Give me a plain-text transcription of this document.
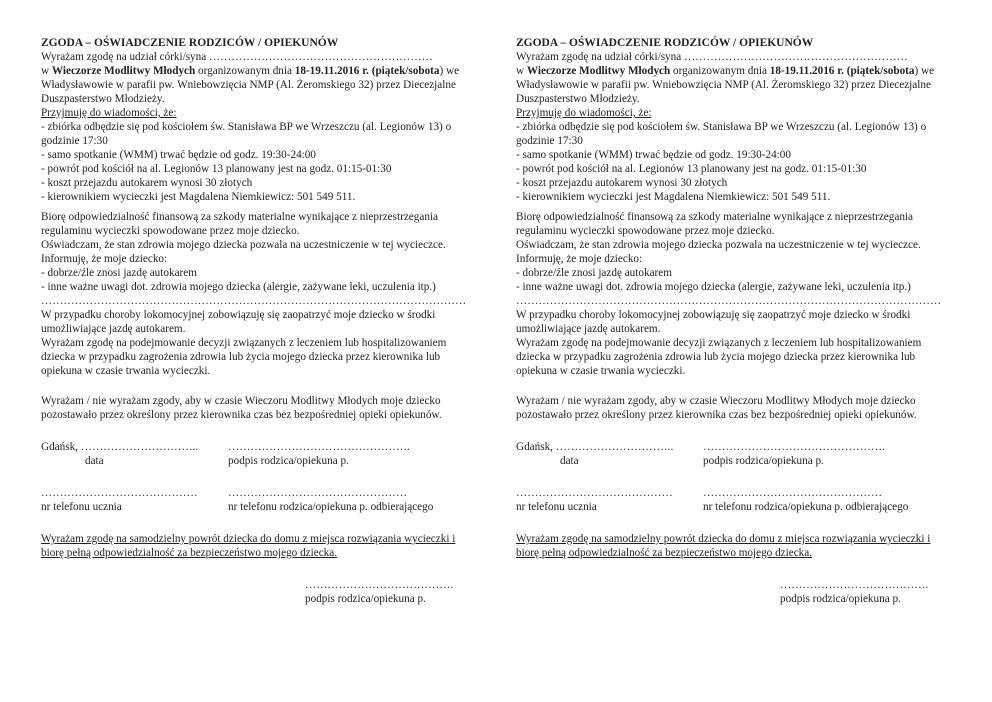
ZGODA – OŚWIADCZENIE RODZICÓW / OPIEKUNÓW

Wyrażam zgodę na udział córki/syna ……………………………………………………
w Wieczorze Modlitwy Młodych organizowanym dnia 18-19.11.2016 r. (piątek/sobota) we Władysławowie w parafii pw. Wniebowzięcia NMP (Al. Żeromskiego 32) przez Diecezjalne Duszpasterstwo Młodzieży.

Przyjmuję do wiadomości, że:

- zbiórka odbędzie się pod kościołem św. Stanisława BP we Wrzeszczu (al. Legionów 13) o godzinie 17:30

- samo spotkanie (WMM) trwać będzie od godz. 19:30-24:00

- powrót pod kościół na al. Legionów 13 planowany jest na godz. 01:15-01:30

- koszt przejazdu autokarem wynosi 30 złotych

- kierownikiem wycieczki jest Magdalena Niemkiewicz: 501 549 511.

Biorę odpowiedzialność finansową za szkody materialne wynikające z nieprzestrzegania regulaminu wycieczki spowodowane przez moje dziecko.

Oświadczam, że stan zdrowia mojego dziecka pozwala na uczestniczenie w tej wycieczce.

Informuję, że moje dziecko:

- dobrze/źle znosi jazdę autokarem

- inne ważne uwagi dot. zdrowia mojego dziecka (alergie, zażywane leki, uczulenia itp.)

……………………………………………………………………………………………………

W przypadku choroby lokomocyjnej zobowiązuję się zaopatrzyć moje dziecko w środki umożliwiające jazdę autokarem.

Wyrażam zgodę na podejmowanie decyzji związanych z leczeniem lub hospitalizowaniem dziecka w przypadku zagrożenia zdrowia lub życia mojego dziecka przez kierownika lub opiekuna w czasie trwania wycieczki.

Wyrażam / nie wyrażam zgody, aby w czasie Wieczoru Modlitwy Młodych moje dziecko pozostawało przez określony przez kierownika czas bez bezpośredniej opieki opiekunów.

Gdańsk, …………………………..
data
………………………………………….
podpis rodzica/opiekuna p.
……………………………………
nr telefonu ucznia
…………………………………………
nr telefonu rodzica/opiekuna p. odbierającego

Wyrażam zgodę na samodzielny powrót dziecka do domu z miejsca rozwiązania wycieczki i biorę pełną odpowiedzialność za bezpieczeństwo mojego dziecka.

………………………………….
podpis rodzica/opiekuna p.

ZGODA – OŚWIADCZENIE RODZICÓW / OPIEKUNÓW

Wyrażam zgodę na udział córki/syna ……………………………………………………
w Wieczorze Modlitwy Młodych organizowanym dnia 18-19.11.2016 r. (piątek/sobota) we Władysławowie w parafii pw. Wniebowzięcia NMP (Al. Żeromskiego 32) przez Diecezjalne Duszpasterstwo Młodzieży.

Przyjmuję do wiadomości, że:

- zbiórka odbędzie się pod kościołem św. Stanisława BP we Wrzeszczu (al. Legionów 13) o godzinie 17:30

- samo spotkanie (WMM) trwać będzie od godz. 19:30-24:00

- powrót pod kościół na al. Legionów 13 planowany jest na godz. 01:15-01:30

- koszt przejazdu autokarem wynosi 30 złotych

- kierownikiem wycieczki jest Magdalena Niemkiewicz: 501 549 511.

Biorę odpowiedzialność finansową za szkody materialne wynikające z nieprzestrzegania regulaminu wycieczki spowodowane przez moje dziecko.

Oświadczam, że stan zdrowia mojego dziecka pozwala na uczestniczenie w tej wycieczce.

Informuję, że moje dziecko:

- dobrze/źle znosi jazdę autokarem

- inne ważne uwagi dot. zdrowia mojego dziecka (alergie, zażywane leki, uczulenia itp.)

……………………………………………………………………………………………………

W przypadku choroby lokomocyjnej zobowiązuję się zaopatrzyć moje dziecko w środki umożliwiające jazdę autokarem.

Wyrażam zgodę na podejmowanie decyzji związanych z leczeniem lub hospitalizowaniem dziecka w przypadku zagrożenia zdrowia lub życia mojego dziecka przez kierownika lub opiekuna w czasie trwania wycieczki.

Wyrażam / nie wyrażam zgody, aby w czasie Wieczoru Modlitwy Młodych moje dziecko pozostawało przez określony przez kierownika czas bez bezpośredniej opieki opiekunów.

Gdańsk, …………………………..
data
………………………………………….
podpis rodzica/opiekuna p.
……………………………………
nr telefonu ucznia
…………………………………………
nr telefonu rodzica/opiekuna p. odbierającego

Wyrażam zgodę na samodzielny powrót dziecka do domu z miejsca rozwiązania wycieczki i biorę pełną odpowiedzialność za bezpieczeństwo mojego dziecka.

………………………………….
podpis rodzica/opiekuna p.
